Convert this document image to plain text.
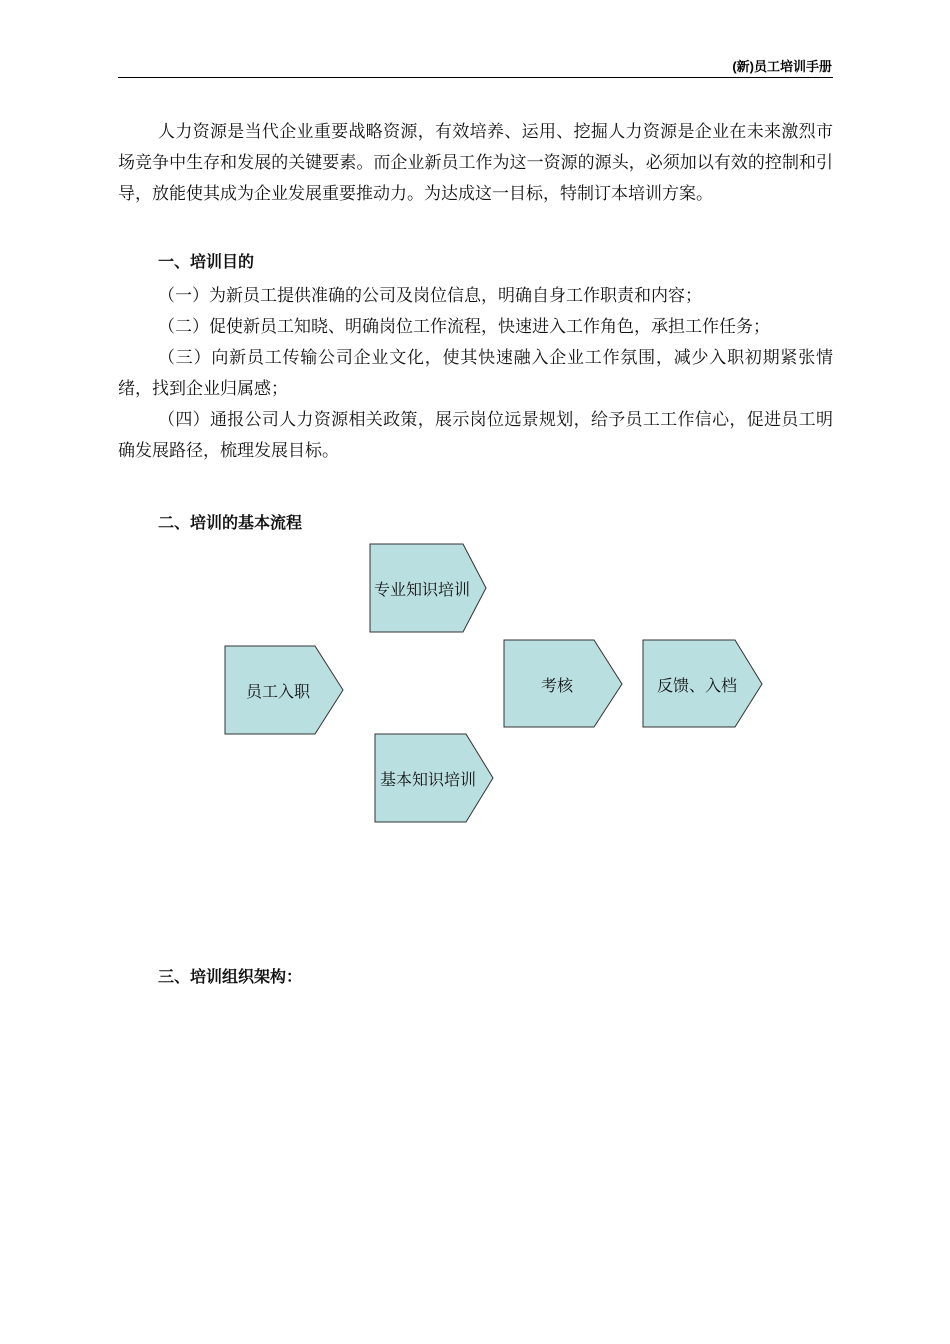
(新)员工培训手册

人力资源是当代企业重要战略资源，有效培养、运用、挖掘人力资源是企业在未来激烈市场竞争中生存和发展的关键要素。而企业新员工作为这一资源的源头，必须加以有效的控制和引导，放能使其成为企业发展重要推动力。为达成这一目标，特制订本培训方案。

一、培训目的

（一）为新员工提供准确的公司及岗位信息，明确自身工作职责和内容；

（二）促使新员工知晓、明确岗位工作流程，快速进入工作角色，承担工作任务；

（三）向新员工传输公司企业文化，使其快速融入企业工作氛围，减少入职初期紧张情绪，找到企业归属感；

（四）通报公司人力资源相关政策，展示岗位远景规划，给予员工工作信心，促进员工明确发展路径，梳理发展目标。

二、培训的基本流程

专业知识培训
员工入职	考核	反馈、入档
基本知识培训

三、培训组织架构：
